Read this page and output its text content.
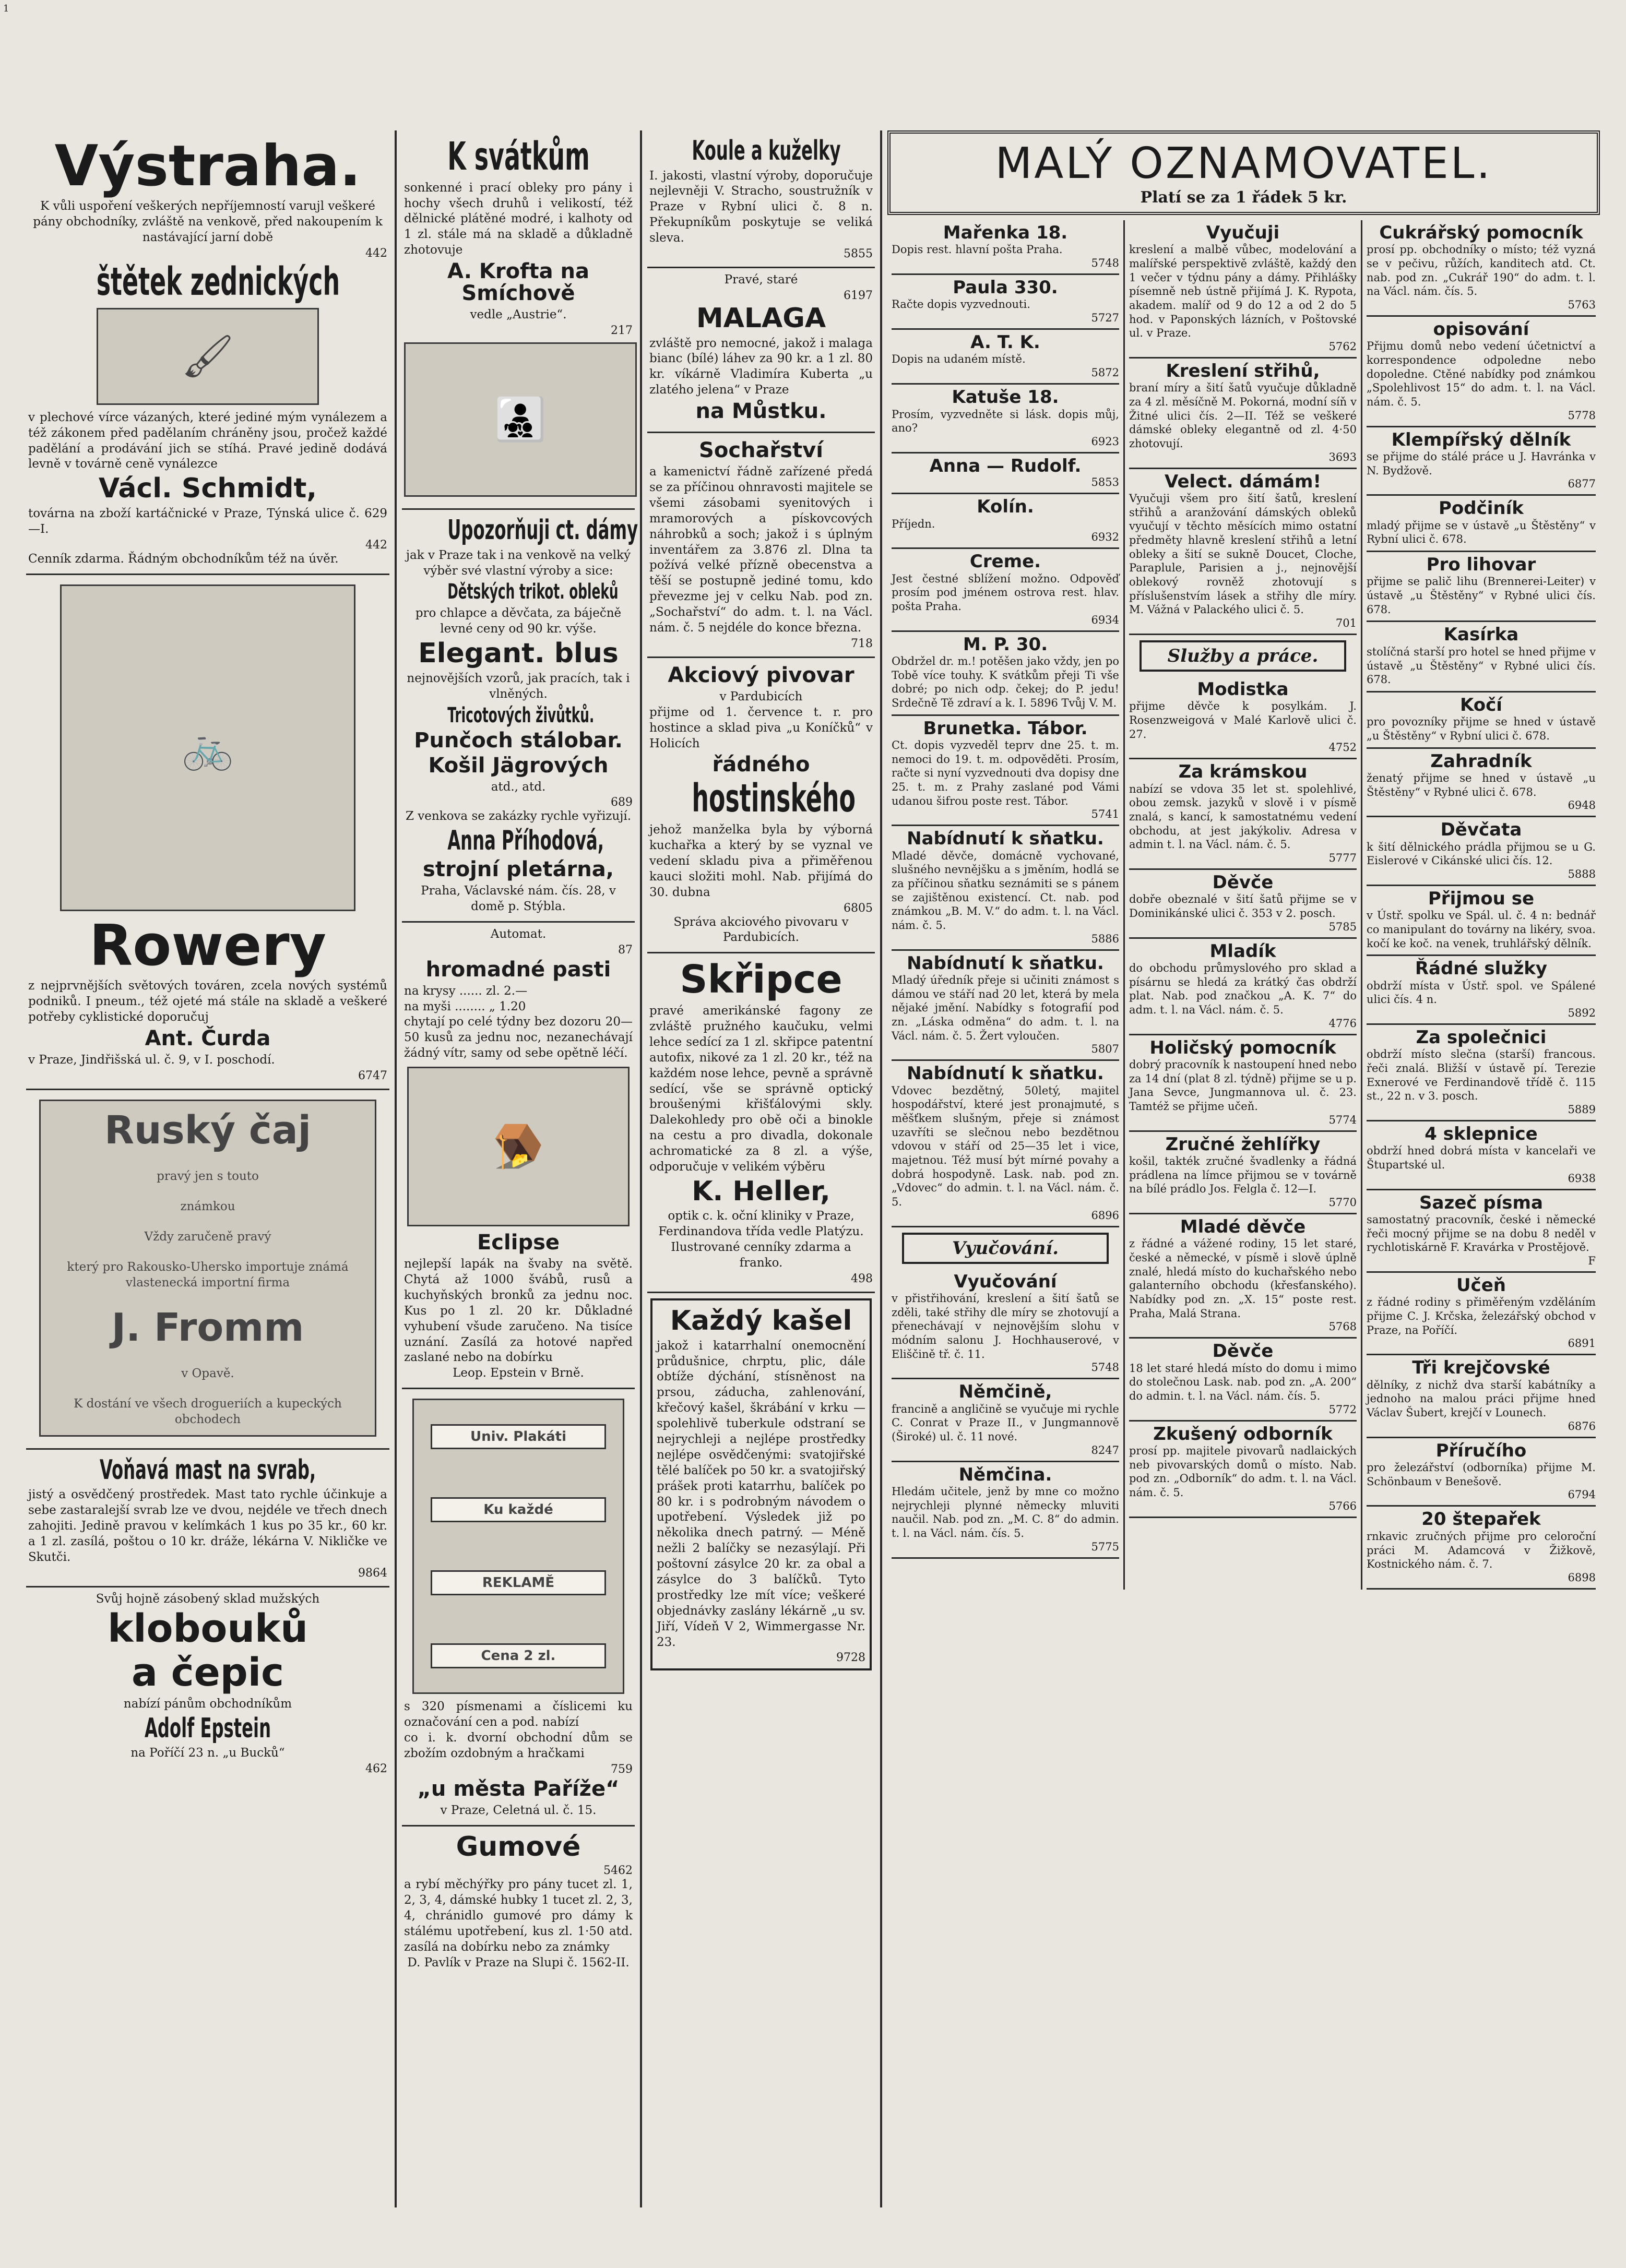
1
Výstraha.

K vůli uspoření veškerých nepříjemností varujl veškeré pány obchodníky, zvláště na venkově, před nakoupením k nastávající jarní době

442
štětek zednických
🖌

v plechové vírce vázaných, které jediné mým vynálezem a též zákonem před padělaním chráněny jsou, pročež každé padělání a prodávání jich se stíhá. Pravé jedině dodává levně v továrně ceně vynálezce

Václ. Schmidt,

továrna na zboží kartáčnické v Praze, Týnská ulice č. 629—I.

442

Cenník zdarma. Řádným obchodníkům též na úvěr.

🚲
Rowery

z nejprvnějších světových továren, zcela nových systémů podniků. I pneum., též ojeté má stále na skladě a veškeré potřeby cyklistické doporučuj

Ant. Čurda

v Praze, Jindřišská ul. č. 9, v I. poschodí.

6747
Ruský čaj

pravý jen s touto

známkou

Vždy zaručeně pravý

který pro Rakousko-Uhersko importuje známá vlastenecká importní firma

J. Fromm

v Opavě.

K dostání ve všech drogueriích a kupeckých obchodech

Voňavá mast na svrab,

jistý a osvědčený prostředek. Mast tato rychle účinkuje a sebe zastaralejší svrab lze ve dvou, nejdéle ve třech dnech zahojiti. Jedině pravou v kelímkách 1 kus po 35 kr., 60 kr. a 1 zl. zasílá, poštou o 10 kr. dráže, lékárna V. Nikličke ve Skutči.

9864

Svůj hojně zásobený sklad mužských

klobouků
a čepic

nabízí pánům obchodníkům

Adolf Epstein

na Poříčí 23 n. „u Bucků“

462
K svátkům

sonkenné i prací obleky pro pány i hochy všech druhů i velikostí, též dělnické plátěné modré, i kalhoty od 1 zl. stále má na skladě a důkladně zhotovuje

A. Krofta na Smíchově

vedle „Austrie“.

217
👨‍👧‍👦
Upozorňuji ct. dámy

jak v Praze tak i na venkově na velký výběr své vlastní výroby a sice:

Dětských trikot. obleků

pro chlapce a děvčata, za báječně levné ceny od 90 kr. výše.

Elegant. blus

nejnovějších vzorů, jak pracích, tak i vlněných.

Tricotových živůtků.
Punčoch stálobar.
Košil Jägrových

atd., atd.

689

Z venkova se zakázky rychle vyřizují.

Anna Příhodová,
strojní pletárna,

Praha, Václavské nám. čís. 28, v domě p. Stýbla.

Automat.

87
hromadné pasti

na krysy ...... zl. 2.—

na myši ........ „ 1.20

chytají po celé týdny bez dozoru 20—50 kusů za jednu noc, nezanechávají žádný vítr, samy od sebe opětně léčí.

🪤
Eclipse

nejlepší lapák na švaby na světě. Chytá až 1000 švábů, rusů a kuchyňských bronků za jednu noc. Kus po 1 zl. 20 kr. Důkladné vyhubení všude zaručeno. Na tisíce uznání. Zasílá za hotové napřed zaslané nebo na dobírku

Leop. Epstein v Brně.

Univ. Plakáti
Ku každé
REKLAMĚ
Cena 2 zl.

s 320 písmenami a číslicemi ku označování cen a pod. nabízí

co i. k. dvorní obchodní dům se zbožím ozdobným a hračkami

759
„u města Paříže“

v Praze, Celetná ul. č. 15.

Gumové
5462

a rybí měchýřky pro pány tucet zl. 1, 2, 3, 4, dámské hubky 1 tucet zl. 2, 3, 4, chránidlo gumové pro dámy k stálému upotřebení, kus zl. 1·50 atd. zasílá na dobírku nebo za známky

D. Pavlík v Praze na Slupi č. 1562-II.

Koule a kuželky

I. jakosti, vlastní výroby, doporučuje nejlevněji V. Stracho, soustružník v Praze v Rybní ulici č. 8 n. Překupníkům poskytuje se veliká sleva.

5855

Pravé, staré

6197
MALAGA

zvláště pro nemocné, jakož i malaga bianc (bílé) láhev za 90 kr. a 1 zl. 80 kr. víkárně Vladimíra Kuberta „u zlatého jelena“ v Praze

na Můstku.
Sochařství

a kamenictví řádně zařízené předá se za příčinou ohnravosti majitele se všemi zásobami syenitových i mramorových a pískovcových náhrobků a soch; jakož i s úplným inventářem za 3.876 zl. Dlna ta požívá velké přízně obecenstva a těší se postupně jediné tomu, kdo převezme jej v celku Nab. pod zn. „Sochařství“ do adm. t. l. na Václ. nám. č. 5 nejdéle do konce března.

718
Akciový pivovar

v Pardubicích

přijme od 1. července t. r. pro hostince a sklad piva „u Koníčků“ v Holicích

řádného
hostinského

jehož manželka byla by výborná kuchařka a který by se vyznal ve vedení skladu piva a přiměřenou kauci složiti mohl. Nab. přijímá do 30. dubna

6805

Správa akciového pivovaru v Pardubicích.

Skřipce

pravé amerikánské fagony ze zvláště pružného kaučuku, velmi lehce sedící za 1 zl. skřipce patentní autofix, nikové za 1 zl. 20 kr., též na každém nose lehce, pevně a správně sedící, vše se správně optický broušenými křišťálovými skly. Dalekohledy pro obě oči a binokle na cestu a pro divadla, dokonale achromatické za 8 zl. a výše, odporučuje v velikém výběru

K. Heller,

optik c. k. oční kliniky v Praze, Ferdinandova třída vedle Platýzu.

Ilustrované cenníky zdarma a franko.

498
Každý kašel

jakož i katarrhalní onemocnění průdušnice, chrptu, plic, dále obtíže dýchání, stísněnost na prsou, záducha, zahlenování, křečový kašel, škrábání v krku — spolehlivě tuberkule odstraní se nejrychleji a nejlépe prostředky nejlépe osvědčenými: svatojiřské tělé balíček po 50 kr. a svatojiřský prášek proti katarrhu, balíček po 80 kr. i s podrobným návodem o upotřebení. Výsledek již po několika dnech patrný. — Méně nežli 2 balíčky se nezasýlají. Při poštovní zásylce 20 kr. za obal a zásylce do 3 balíčků. Tyto prostředky lze mít více; veškeré objednávky zaslány lékárně „u sv. Jiří, Vídeň V 2, Wimmergasse Nr. 23.

9728
MALÝ OZNAMOVATEL.
Platí se za 1 řádek 5 kr.
Mařenka 18.
Dopis rest. hlavní pošta Praha.
5748
Paula 330.
Račte dopis vyzvednouti.
5727
A. T. K.
Dopis na udaném místě.
5872
Katuše 18.
Prosím, vyzvedněte si lásk. dopis můj, ano?
6923
Anna — Rudolf.
5853
Kolín.
Příjedn.
6932
Creme.
Jest čestné sblížení možno. Odpověď prosím pod jménem ostrova rest. hlav. pošta Praha.
6934
M. P. 30.
Obdržel dr. m.! potěšen jako vždy, jen po Tobě více touhy. K svátkům přeji Ti vše dobré; po nich odp. čekej; do P. jedu! Srdečně Tě zdraví a k. I. 5896 Tvůj V. M.
Brunetka. Tábor.
Ct. dopis vyzveděl teprv dne 25. t. m. nemoci do 19. t. m. odpověděti. Prosím, račte si nyní vyzvednouti dva dopisy dne 25. t. m. z Prahy zaslané pod Vámi udanou šifrou poste rest. Tábor.
5741
Nabídnutí k sňatku.
Mladé děvče, domácně vychované, slušného nevnějšku a s jměním, hodlá se za příčinou sňatku seznámiti se s pánem se zajištěnou existencí. Ct. nab. pod známkou „B. M. V.“ do adm. t. l. na Václ. nám. č. 5.
5886
Nabídnutí k sňatku.
Mladý úředník přeje si učiniti známost s dámou ve stáří nad 20 let, která by mela nějaké jmění. Nabídky s fotografií pod zn. „Láska odměna“ do adm. t. l. na Václ. nám. č. 5. Žert vyloučen.
5807
Nabídnutí k sňatku.
Vdovec bezdětný, 50letý, majitel hospodářství, které jest pronajmuté, s měšťkem slušným, přeje si známost uzavříti se slečnou nebo bezdětnou vdovou v stáří od 25—35 let i vice, majetnou. Též musí být mírné povahy a dobrá hospodyně. Lask. nab. pod zn. „Vdovec“ do admin. t. l. na Václ. nám. č. 5.
6896
Vyučování.
Vyučování
v přistřihování, kreslení a šití šatů se zděli, také střihy dle míry se zhotovují a přenechávají v nejnovějším slohu v módním salonu J. Hochhauserové, v Eliščině tř. č. 11.
5748
Němčině,
francině a angličině se vyučuje mi rychle C. Conrat v Praze II., v Jungmannově (Široké) ul. č. 11 nové.
8247
Němčina.
Hledám učitele, jenž by mne co možno nejrychleji plynné německy mluviti naučil. Nab. pod zn. „M. C. 8“ do admin. t. l. na Václ. nám. čís. 5.
5775
Vyučuji
kreslení a malbě vůbec, modelování a malířské perspektivě zvláště, každý den 1 večer v týdnu pány a dámy. Přihlášky písemně neb ústně přijímá J. K. Rypota, akadem. malíř od 9 do 12 a od 2 do 5 hod. v Paponských lázních, v Poštovské ul. v Praze.
5762
Kreslení střihů,
braní míry a šití šatů vyučuje důkladně za 4 zl. měsíčně M. Pokorná, modní síň v Žitné ulici čís. 2—II. Též se veškeré dámské obleky elegantně od zl. 4·50 zhotovují.
3693
Velect. dámám!
Vyučuji všem pro šití šatů, kreslení střihů a aranžování dámských obleků vyučují v těchto měsících mimo ostatní předměty hlavně kreslení střihů a letní obleky a šití se sukně Doucet, Cloche, Paraplule, Parisien a j., nejnovější oblekový rovněž zhotovují s příslušenstvím lásek a střihy dle míry. M. Vážná v Palackého ulici č. 5.
701
Služby a práce.
Modistka
přijme děvče k posylkám. J. Rosenzweigová v Malé Karlově ulici č. 27.
4752
Za krámskou
nabízí se vdova 35 let st. spolehlivé, obou zemsk. jazyků v slově i v písmě znalá, s kancí, k samostatnému vedení obchodu, at jest jakýkoliv. Adresa v admin t. l. na Václ. nám. č. 5.
5777
Děvče
dobře obeznalé v šití šatů přijme se v Dominikánské ulici č. 353 v 2. posch.
5785
Mladík
do obchodu průmyslového pro sklad a písárnu se hledá za krátký čas obdrží plat. Nab. pod značkou „A. K. 7“ do adm. t. l. na Václ. nám. č. 5.
4776
Holičský pomocník
dobrý pracovník k nastoupení hned nebo za 14 dní (plat 8 zl. týdně) přijme se u p. Jana Sevce, Jungmannova ul. č. 23. Tamtéž se přijme učeň.
5774
Zručné žehlířky
košil, takték zručné švadlenky a řádná prádlena na límce přijmou se v továrně na bílé prádlo Jos. Felgla č. 12—I.
5770
Mladé děvče
z řádné a vážené rodiny, 15 let staré, české a německé, v písmě i slově úplně znalé, hledá místo do kuchařského nebo galanterního obchodu (křesťanského). Nabídky pod zn. „X. 15“ poste rest. Praha, Malá Strana.
5768
Děvče
18 let staré hledá místo do domu i mimo do stolečnou Lask. nab. pod zn. „A. 200“ do admin. t. l. na Václ. nám. čís. 5.
5772
Zkušený odborník
prosí pp. majitele pivovarů nadlaických neb pivovarských domů o místo. Nab. pod zn. „Odborník“ do adm. t. l. na Václ. nám. č. 5.
5766
Cukrářský pomocník
prosí pp. obchodníky o místo; též vyzná se v pečivu, růžích, kanditech atd. Ct. nab. pod zn. „Cukrář 190“ do adm. t. l. na Václ. nám. čís. 5.
5763
opisování
Přijmu domů nebo vedení účetnictví a korrespondence odpoledne nebo dopoledne. Ctěné nabídky pod známkou „Spolehlivost 15“ do adm. t. l. na Václ. nám. č. 5.
5778
Klempířský dělník
se přijme do stálé práce u J. Havránka v N. Bydžově.
6877
Podčiník
mladý přijme se v ústavě „u Štěstěny“ v Rybní ulici č. 678.
Pro lihovar
přijme se palič lihu (Brennerei-Leiter) v ústavě „u Štěstěny“ v Rybné ulici čís. 678.
Kasírka
stolíčná starší pro hotel se hned přijme v ústavě „u Štěstěny“ v Rybné ulici čís. 678.
Kočí
pro povozníky přijme se hned v ústavě „u Štěstěny“ v Rybní ulici č. 678.
Zahradník
ženatý přijme se hned v ústavě „u Štěstěny“ v Rybné ulici č. 678.
6948
Děvčata
k šití dělnického prádla přijmou se u G. Eislerové v Cikánské ulici čís. 12.
5888
Přijmou se
v Ústř. spolku ve Spál. ul. č. 4 n: bednář co manipulant do továrny na likéry, svoa. kočí ke koč. na venek, truhlářský dělník.
Řádné služky
obdrží místa v Ústř. spol. ve Spálené ulici čís. 4 n.
5892
Za společnici
obdrží místo slečna (starší) francous. řeči znalá. Bližší v ústavě pí. Terezie Exnerové ve Ferdinandově třídě č. 115 st., 22 n. v 3. posch.
5889
4 sklepnice
obdrží hned dobrá místa v kancelaři ve Štupartské ul.
6938
Sazeč písma
samostatný pracovník, české i německé řeči mocný přijme se na dobu 8 neděl v rychlotiskárně F. Kravárka v Prostějově.
F
Učeň
z řádné rodiny s přiměřeným vzděláním přijme C. J. Krčska, železářský obchod v Praze, na Poříčí.
6891
Tři krejčovské
dělníky, z nichž dva starší kabátníky a jednoho na malou práci přijme hned Václav Šubert, krejčí v Lounech.
6876
Příručího
pro železářství (odborníka) přijme M. Schönbaum v Benešově.
6794
20 štepařek
rnkavic zručných přijme pro celoroční práci M. Adamcová v Žižkově, Kostnického nám. č. 7.
6898
